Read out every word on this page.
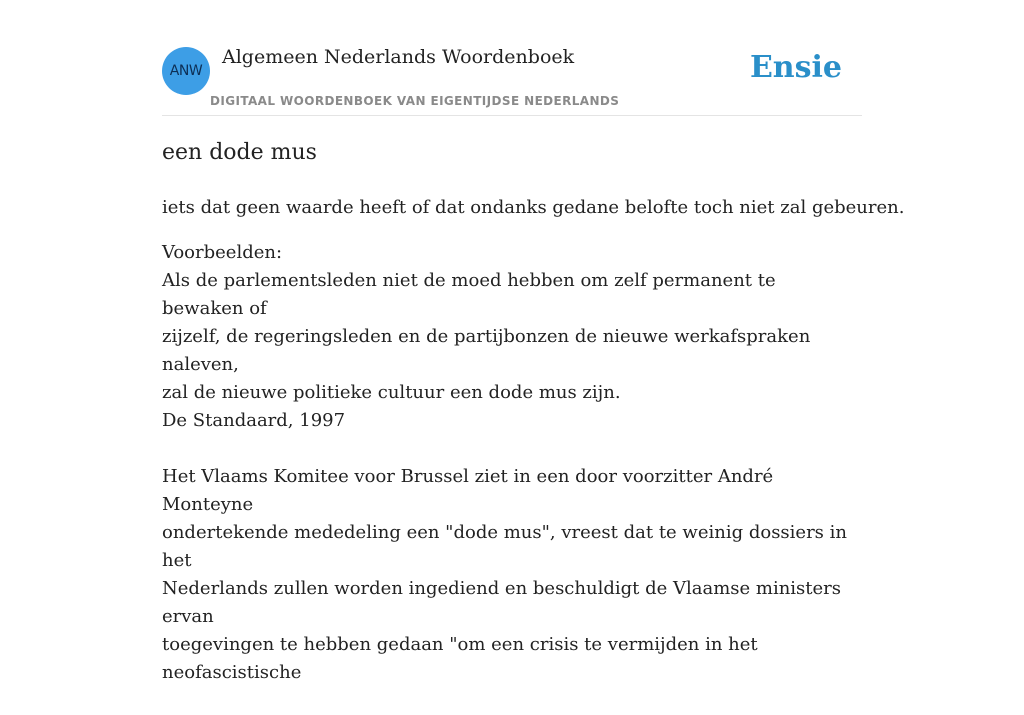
ANW
Algemeen Nederlands Woordenboek
DIGITAAL WOORDENBOEK VAN EIGENTIJDSE NEDERLANDS
Ensie
een dode mus
iets dat geen waarde heeft of dat ondanks gedane belofte toch niet zal gebeuren.

Voorbeelden:

Als de parlementsleden niet de moed hebben om zelf permanent te bewaken of

zijzelf, de regeringsleden en de partijbonzen de nieuwe werkafspraken naleven,

zal de nieuwe politieke cultuur een dode mus zijn.

De Standaard, 1997

Het Vlaams Komitee voor Brussel ziet in een door voorzitter André Monteyne

ondertekende mededeling een "dode mus", vreest dat te weinig dossiers in het

Nederlands zullen worden ingediend en beschuldigt de Vlaamse ministers ervan

toegevingen te hebben gedaan "om een crisis te vermijden in het neofascistische
